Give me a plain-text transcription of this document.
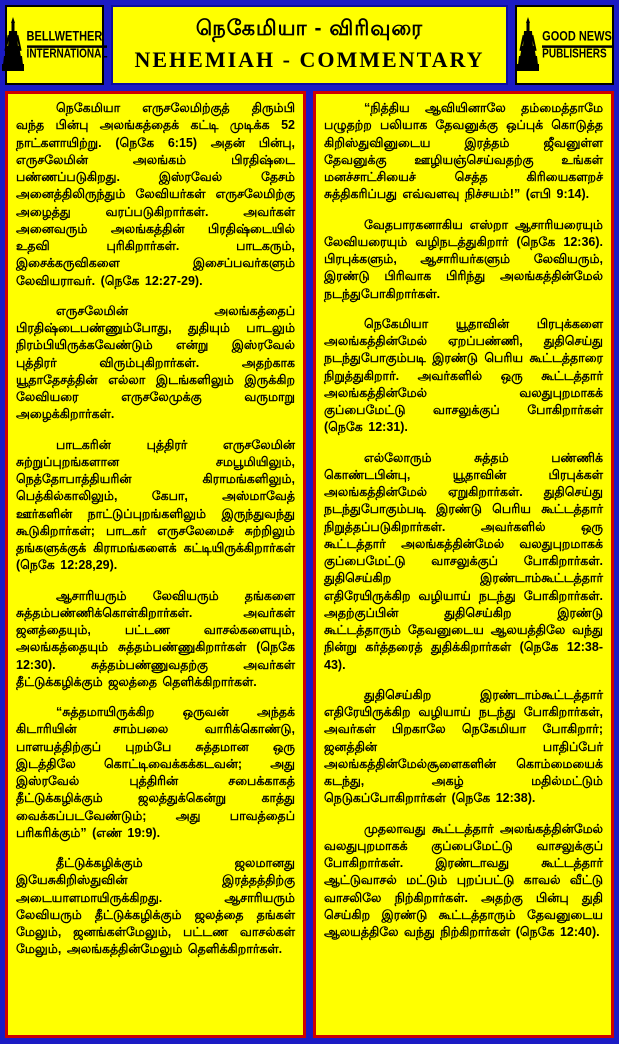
BELLWETHER
INTERNATIONAL
நெகேமியா - விரிவுரை
NEHEMIAH - COMMENTARY
GOOD NEWS
PUBLISHERS

நெகேமியா எருசலேமிற்குத் திரும்பி வந்த பின்பு அலங்கத்தைக் கட்டி முடிக்க 52 நாட்களாயிற்று. (நெகே 6:15) அதன் பின்பு, எருசலேமின் அலங்கம் பிரதிஷ்டை பண்ணப்படுகிறது. இஸ்ரவேல் தேசம் அனைத்திலிருந்தும் லேவியர்கள் எருசலேமிற்கு அழைத்து வரப்படுகிறார்கள். அவர்கள் அனைவரும் அலங்கத்தின் பிரதிஷ்டையில் உதவி புரிகிறார்கள். பாடகரும், இசைக்கருவிகளை இசைப்பவர்களும் லேவியராவர். (நெகே 12:27-29).

எருசலேமின் அலங்கத்தைப் பிரதிஷ்டைபண்ணும்போது, துதியும் பாடலும் நிரம்பியிருக்கவேண்டும் என்று இஸ்ரவேல் புத்திரர் விரும்புகிறார்கள். அதற்காக யூதாதேசத்தின் எல்லா இடங்களிலும் இருக்கிற லேவியரை எருசலேமுக்கு வருமாறு அழைக்கிறார்கள்.

பாடகரின் புத்திரர் எருசலேமின் சுற்றுப்புறங்களான சமபூமியிலும், நெத்தோபாத்தியரின் கிராமங்களிலும், பெத்கில்காலிலும், கேபா, அஸ்மாவேத் ஊர்களின் நாட்டுப்புறங்களிலும் இருந்துவந்து கூடுகிறார்கள்; பாடகர் எருசலேமைச் சுற்றிலும் தங்களுக்குக் கிராமங்களைக் கட்டியிருக்கிறார்கள் (நெகே 12:28,29).

ஆசாரியரும் லேவியரும் தங்களை சுத்தம்பண்ணிக்கொள்கிறார்கள். அவர்கள் ஜனத்தையும், பட்டண வாசல்களையும், அலங்கத்தையும் சுத்தம்பண்ணுகிறார்கள் (நெகே 12:30). சுத்தம்பண்ணுவதற்கு அவர்கள் தீட்டுக்கழிக்கும் ஜலத்தை தெளிக்கிறார்கள்.

“சுத்தமாயிருக்கிற ஒருவன் அந்தக் கிடாரியின் சாம்பலை வாரிக்கொண்டு, பாளயத்திற்குப் புறம்பே சுத்தமான ஒரு இடத்திலே கொட்டிவைக்கக்கடவன்; அது இஸ்ரவேல் புத்திரின் சபைக்காகத் தீட்டுக்கழிக்கும் ஜலத்துக்கென்று காத்து வைக்கப்படவேண்டும்; அது பாவத்தைப் பரிகரிக்கும்” (எண் 19:9).

தீட்டுக்கழிக்கும் ஜலமானது இயேசுகிறிஸ்துவின் இரத்தத்திற்கு அடையாளமாயிருக்கிறது. ஆசாரியரும் லேவியரும் தீட்டுக்கழிக்கும் ஜலத்தை தங்கள் மேலும், ஜனங்கள்மேலும், பட்டண வாசல்கள் மேலும், அலங்கத்தின்மேலும் தெளிக்கிறார்கள்.

“நித்திய ஆவியினாலே தம்மைத்தாமே பழுதற்ற பலியாக தேவனுக்கு ஒப்புக் கொடுத்த கிறிஸ்துவினுடைய இரத்தம் ஜீவனுள்ள தேவனுக்கு ஊழியஞ்செய்வதற்கு உங்கள் மனச்சாட்சியைச் செத்த கிரியைகளறச் சுத்திகரிப்பது எவ்வளவு நிச்சயம்!” (எபி 9:14).

வேதபாரகனாகிய எஸ்றா ஆசாரியரையும் லேவியரையும் வழிநடத்துகிறார் (நெகே 12:36). பிரபுக்களும், ஆசாரியர்களும் லேவியரும், இரண்டு பிரிவாக பிரிந்து அலங்கத்தின்மேல் நடந்துபோகிறார்கள்.

நெகேமியா யூதாவின் பிரபுக்களை அலங்கத்தின்மேல் ஏறப்பண்ணி, துதிசெய்து நடந்துபோகும்படி இரண்டு பெரிய கூட்டத்தாரை நிறுத்துகிறார். அவர்களில் ஒரு கூட்டத்தார் அலங்கத்தின்மேல் வலதுபுறமாகக் குப்பைமேட்டு வாசலுக்குப் போகிறார்கள் (நெகே 12:31).

எல்லோரும் சுத்தம் பண்ணிக் கொண்டபின்பு, யூதாவின் பிரபுக்கள் அலங்கத்தின்மேல் ஏறுகிறார்கள். துதிசெய்து நடந்துபோகும்படி இரண்டு பெரிய கூட்டத்தார் நிறுத்தப்படுகிறார்கள். அவர்களில் ஒரு கூட்டத்தார் அலங்கத்தின்மேல் வலதுபுறமாகக் குப்பைமேட்டு வாசலுக்குப் போகிறார்கள். துதிசெய்கிற இரண்டாம்கூட்டத்தார் எதிரேயிருக்கிற வழியாய் நடந்து போகிறார்கள். அதற்குப்பின் துதிசெய்கிற இரண்டு கூட்டத்தாரும் தேவனுடைய ஆலயத்திலே வந்து நின்று கர்த்தரைத் துதிக்கிறார்கள் (நெகே 12:38-43).

துதிசெய்கிற இரண்டாம்கூட்டத்தார் எதிரேயிருக்கிற வழியாய் நடந்து போகிறார்கள், அவர்கள் பிறகாலே நெகேமியா போகிறார்; ஜனத்தின் பாதிப்பேர் அலங்கத்தின்மேல்சூளைகளின் கொம்மையைக் கடந்து, அகழ் மதில்மட்டும் நெடுகப்போகிறார்கள் (நெகே 12:38).

முதலாவது கூட்டத்தார் அலங்கத்தின்மேல் வலதுபுறமாகக் குப்பைமேட்டு வாசலுக்குப் போகிறார்கள். இரண்டாவது கூட்டத்தார் ஆட்டுவாசல் மட்டும் புறப்பட்டு காவல் வீட்டு வாசலிலே நிற்கிறார்கள். அதற்கு பின்பு துதி செய்கிற இரண்டு கூட்டத்தாரும் தேவனுடைய ஆலயத்திலே வந்து நிற்கிறார்கள் (நெகே 12:40).
